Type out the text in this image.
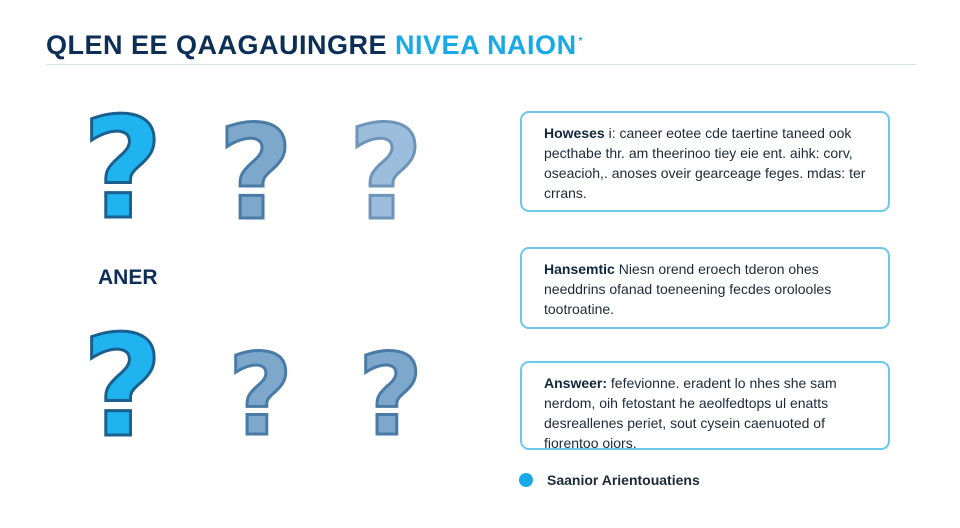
QLEN EE QAAGAUINGRE NIVEA NAION *
? ? ?
? ? ?
ANER
Howeses i: caneer eotee cde taertine taneed ook pecthabe thr. am theerinoo tiey eie ent. aihk: corv, oseacioh,. anoses oveir gearceage feges. mdas: ter crrans.
Hansemtic Niesn orend eroech tderon ohes needdrins ofanad toeneening fecdes orolooles tootroatine.
Answeer: fefevionne. eradent lo nhes she sam nerdom, oih fetostant he aeolfedtops ul enatts desreallenes periet, sout cysein caenuoted of fiorentoo oiors.
Saanior Arientouatiens
